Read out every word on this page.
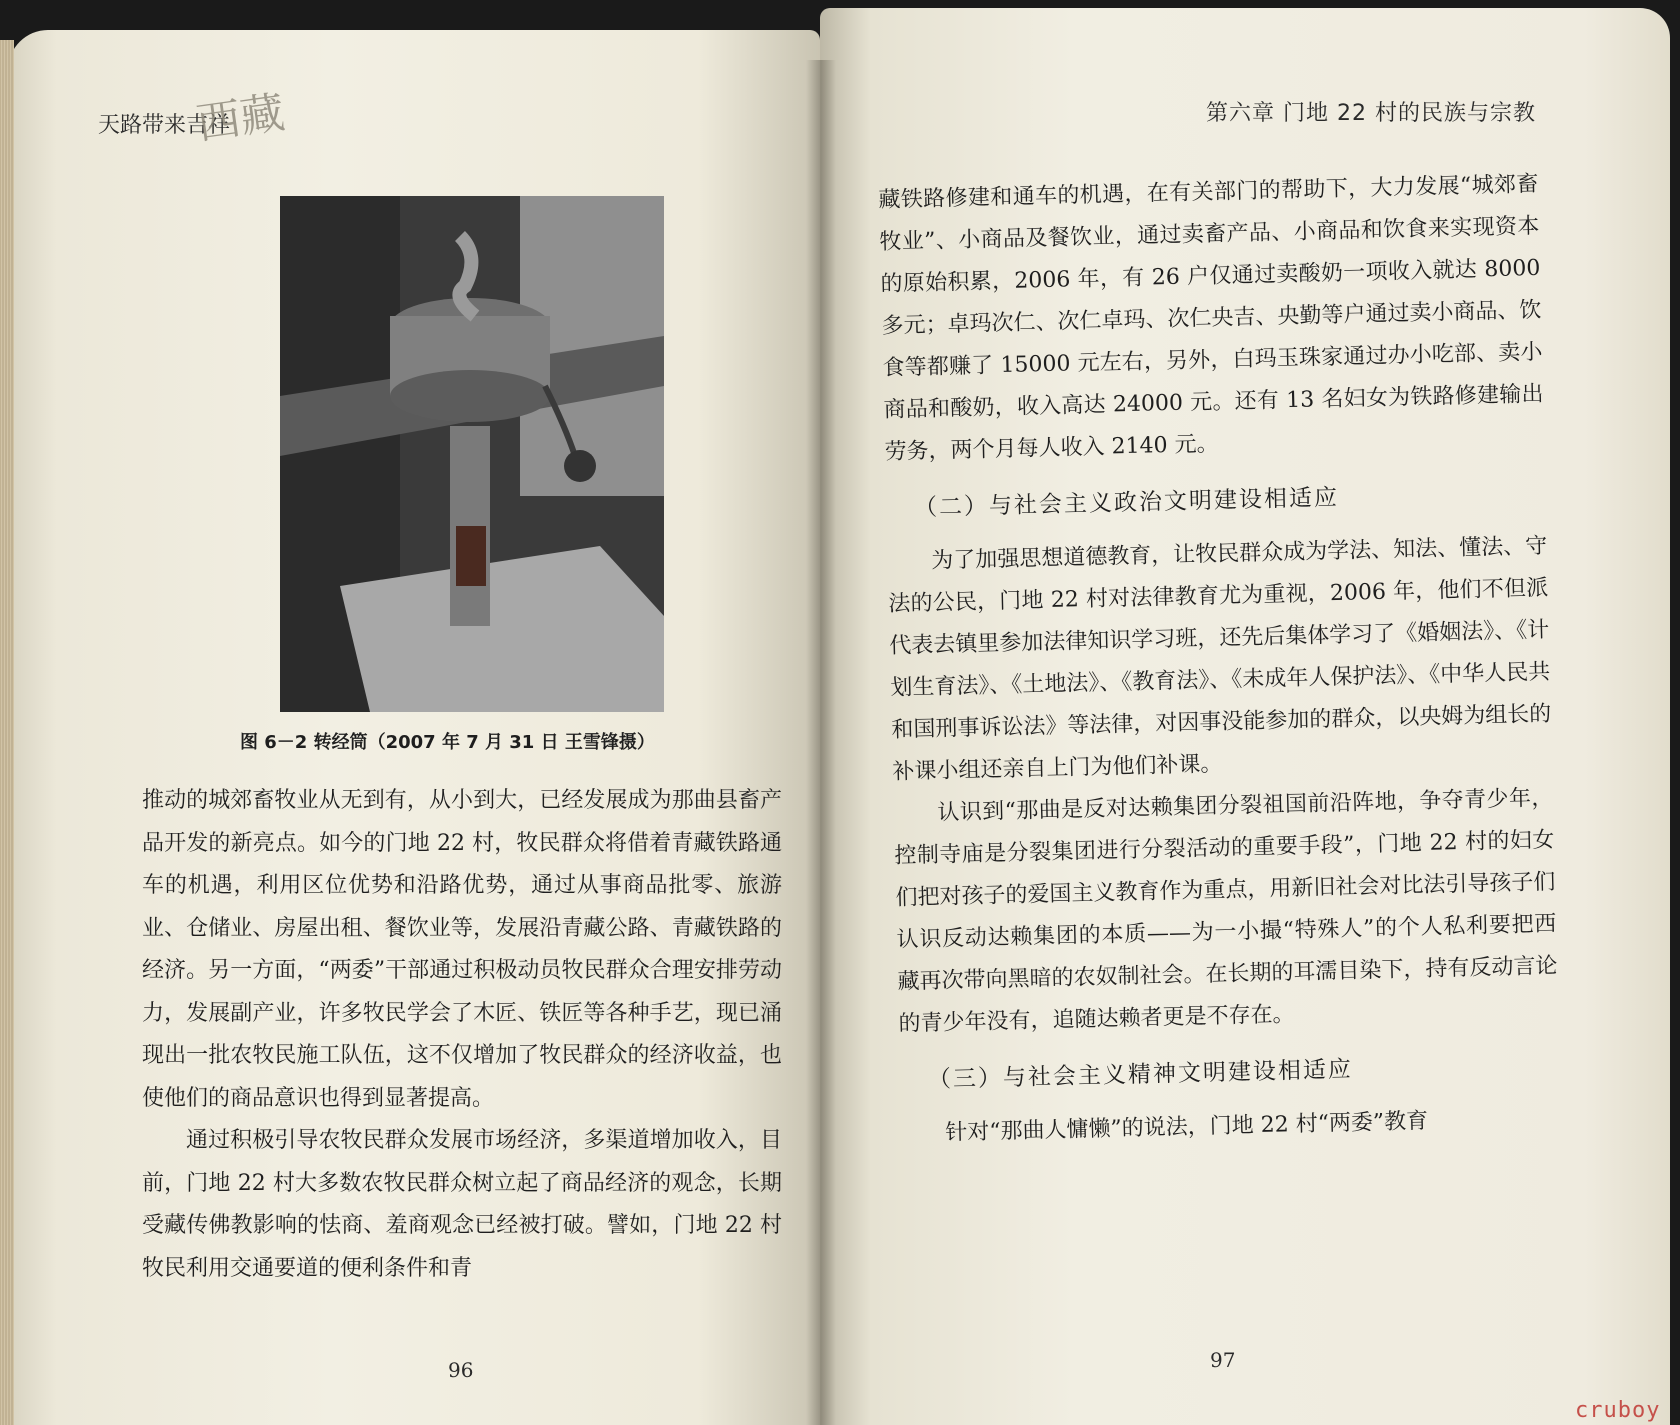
天路带来吉祥
西藏	第六章 门地 22 村的民族与宗教
图 6－2 转经筒（2007 年 7 月 31 日 王雪锋摄）

推动的城郊畜牧业从无到有，从小到大，已经发展成为那曲县畜产品开发的新亮点。如今的门地 22 村，牧民群众将借着青藏铁路通车的机遇，利用区位优势和沿路优势，通过从事商品批零、旅游业、仓储业、房屋出租、餐饮业等，发展沿青藏公路、青藏铁路的经济。另一方面，“两委”干部通过积极动员牧民群众合理安排劳动力，发展副产业，许多牧民学会了木匠、铁匠等各种手艺，现已涌现出一批农牧民施工队伍，这不仅增加了牧民群众的经济收益，也使他们的商品意识也得到显著提高。

通过积极引导农牧民群众发展市场经济，多渠道增加收入，目前，门地 22 村大多数农牧民群众树立起了商品经济的观念，长期受藏传佛教影响的怯商、羞商观念已经被打破。譬如，门地 22 村牧民利用交通要道的便利条件和青

96

藏铁路修建和通车的机遇，在有关部门的帮助下，大力发展“城郊畜牧业”、小商品及餐饮业，通过卖畜产品、小商品和饮食来实现资本的原始积累，2006 年，有 26 户仅通过卖酸奶一项收入就达 8000 多元；卓玛次仁、次仁卓玛、次仁央吉、央勤等户通过卖小商品、饮食等都赚了 15000 元左右，另外，白玛玉珠家通过办小吃部、卖小商品和酸奶，收入高达 24000 元。还有 13 名妇女为铁路修建输出劳务，两个月每人收入 2140 元。

（二）与社会主义政治文明建设相适应

为了加强思想道德教育，让牧民群众成为学法、知法、懂法、守法的公民，门地 22 村对法律教育尤为重视，2006 年，他们不但派代表去镇里参加法律知识学习班，还先后集体学习了《婚姻法》、《计划生育法》、《土地法》、《教育法》、《未成年人保护法》、《中华人民共和国刑事诉讼法》等法律，对因事没能参加的群众，以央姆为组长的补课小组还亲自上门为他们补课。

认识到“那曲是反对达赖集团分裂祖国前沿阵地，争夺青少年，控制寺庙是分裂集团进行分裂活动的重要手段”，门地 22 村的妇女们把对孩子的爱国主义教育作为重点，用新旧社会对比法引导孩子们认识反动达赖集团的本质——为一小撮“特殊人”的个人私利要把西藏再次带向黑暗的农奴制社会。在长期的耳濡目染下，持有反动言论的青少年没有，追随达赖者更是不存在。

（三）与社会主义精神文明建设相适应

针对“那曲人慵懒”的说法，门地 22 村“两委”教育

97
cruboy
